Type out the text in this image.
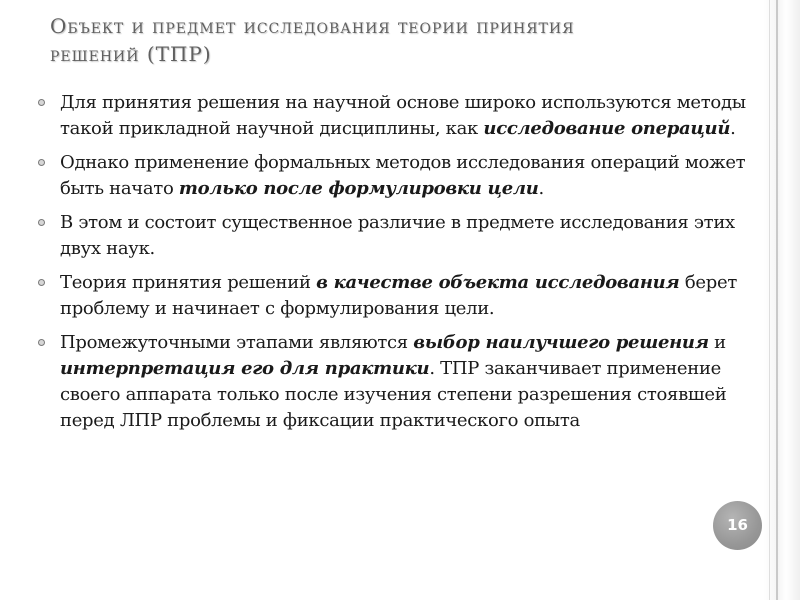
Объект и предмет исследования теории принятия
решений (ТПР)
Для принятия решения на научной основе широко используются методы такой прикладной научной дисциплины, как исследование операций.
Однако применение формальных методов исследования операций может быть начато только после формулировки цели.
В этом и состоит существенное различие в предмете исследования этих двух наук.
Теория принятия решений в качестве объекта исследования берет проблему и начинает с формулирования цели.
Промежуточными этапами являются выбор наилучшего решения и интерпретация его для практики. ТПР заканчивает применение своего аппарата только после изучения степени разрешения стоявшей перед ЛПР проблемы и фиксации практического опыта
16
